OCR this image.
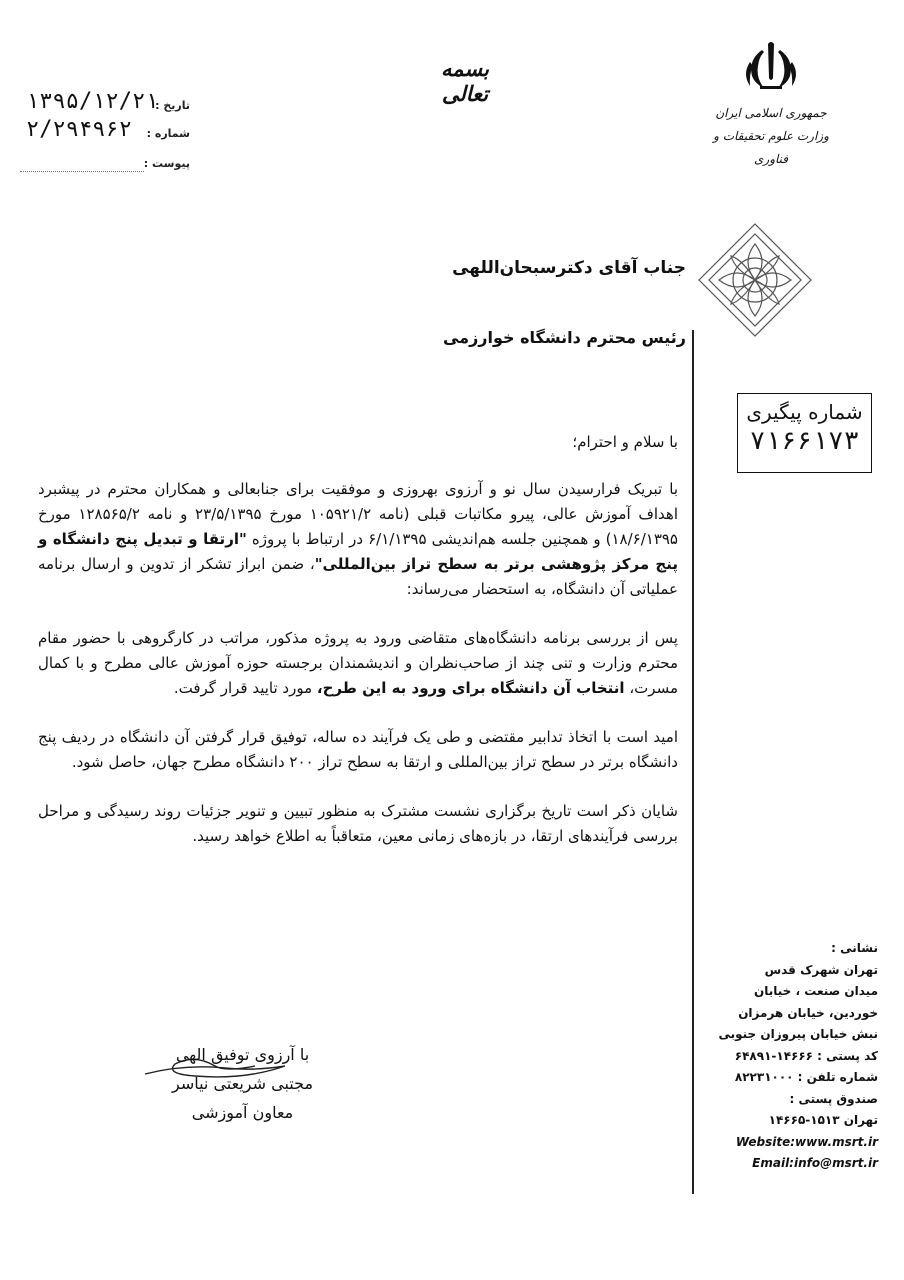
بسمه تعالی
تاریخ :
۱۳۹۵/۱۲/۲۱
شماره :
۲/۲۹۴۹۶۲
پیوست :
جمهوری اسلامی ایران
وزارت علوم تحقیقات و فناوری
جناب آقای دکترسبحان‌اللهی
رئیس محترم دانشگاه خوارزمی
شماره پیگیری
۷۱۶۶۱۷۳

با سلام و احترام؛

با تبریک فرارسیدن سال نو و آرزوی بهروزی و موفقیت برای جنابعالی و همکاران محترم در پیشبرد اهداف آموزش عالی، پیرو مکاتبات قبلی (نامه ۱۰۵۹۲۱/۲ مورخ ۲۳/۵/۱۳۹۵ و نامه ۱۲۸۵۶۵/۲ مورخ ۱۸/۶/۱۳۹۵) و همچنین جلسه هم‌اندیشی ۶/۱/۱۳۹۵ در ارتباط با پروژه "ارتقا و تبدیل پنج دانشگاه و پنج مرکز پژوهشی برتر به سطح تراز بین‌المللی"، ضمن ابراز تشکر از تدوین و ارسال برنامه عملیاتی آن دانشگاه، به استحضار می‌رساند:

پس از بررسی برنامه دانشگاه‌های متقاضی ورود به پروژه مذکور، مراتب در کارگروهی با حضور مقام محترم وزارت و تنی چند از صاحب‌نظران و اندیشمندان برجسته حوزه آموزش عالی مطرح و با کمال مسرت، انتخاب آن دانشگاه برای ورود به این طرح، مورد تایید قرار گرفت.

امید است با اتخاذ تدابیر مقتضی و طی یک فرآیند ده ساله، توفیق قرار گرفتن آن دانشگاه در ردیف پنج دانشگاه برتر در سطح تراز بین‌المللی و ارتقا به سطح تراز ۲۰۰ دانشگاه مطرح جهان، حاصل شود.

شایان ذکر است تاریخ برگزاری نشست مشترک به منظور تبیین و تنویر جزئیات روند رسیدگی و مراحل بررسی فرآیندهای ارتقا، در بازه‌های زمانی معین، متعاقباً به اطلاع خواهد رسید.

با آرزوی توفیق الهی
مجتبی شریعتی نیاسر
معاون آموزشی
نشانی :
تهران شهرک قدس
میدان صنعت ، خیابان
خوردین، خیابان هرمزان
نبش خیابان پیروزان جنوبی
کد پستی : ۱۴۶۶۶-۶۴۸۹۱
شماره تلفن : ۸۲۲۳۱۰۰۰
صندوق پستی :
تهران ۱۵۱۳-۱۴۶۶۵
Website:www.msrt.ir
Email:info@msrt.ir
